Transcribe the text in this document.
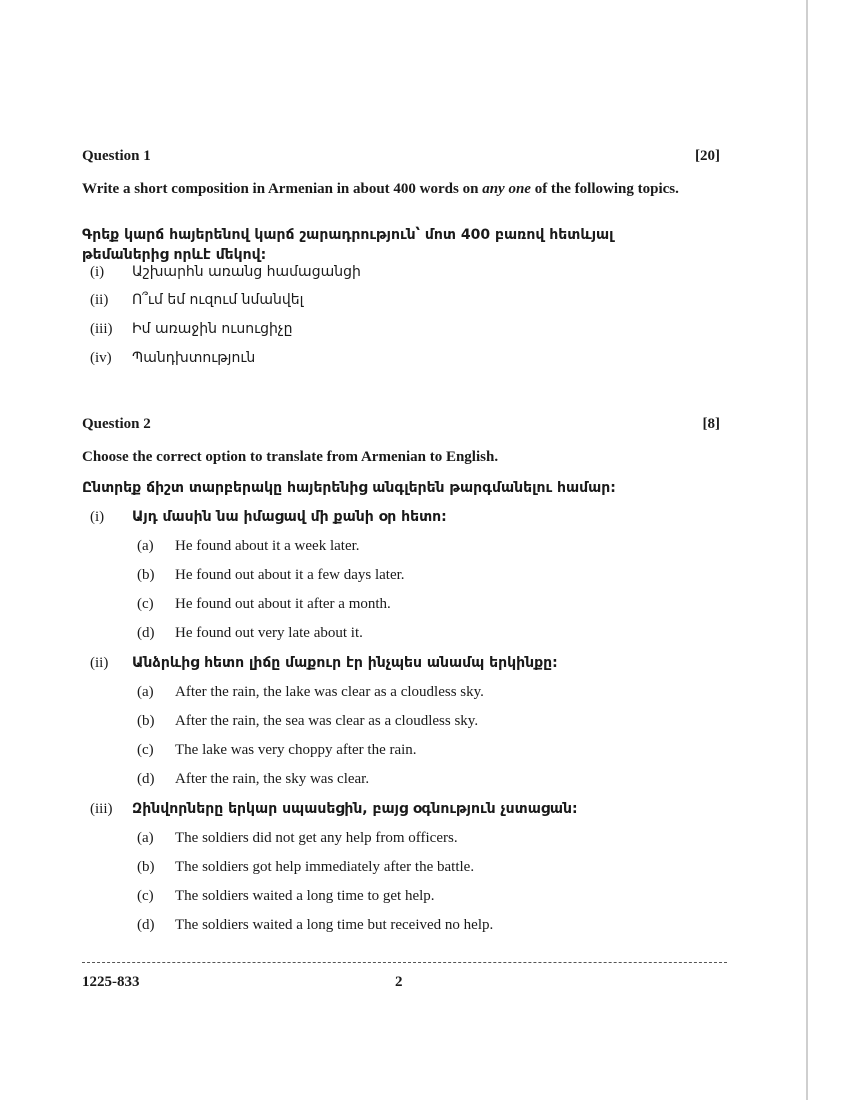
Question 1	[20]
Write a short composition in Armenian in about 400 words on any one of the following topics.
Գրեք կարճ հայերենով կարճ շարադրություն՝ մոտ 400 բառով հետևյալ թեմաներից որևէ մեկով:
(i)	Աշխարհն առանց համացանցի
(ii)	Ո՞ւմ եմ ուզում նմանվել
(iii)	Իմ առաջին ուսուցիչը
(iv)	Պանդխտություն
Question 2	[8]
Choose the correct option to translate from Armenian to English.
Ընտրեք ճիշտ տարբերակը հայերենից անգլերեն թարգմանելու համար:
(i)	Այդ մասին նա իմացավ մի քանի օր հետո:
(a)	He found about it a week later.
(b)	He found out about it a few days later.
(c)	He found out about it after a month.
(d)	He found out very late about it.
(ii)	Անձրևից հետո լիճը մաքուր էր ինչպես անամպ երկինքը:
(a)	After the rain, the lake was clear as a cloudless sky.
(b)	After the rain, the sea was clear as a cloudless sky.
(c)	The lake was very choppy after the rain.
(d)	After the rain, the sky was clear.
(iii)	Զինվորները երկար սպասեցին, բայց օգնություն չստացան:
(a)	The soldiers did not get any help from officers.
(b)	The soldiers got help immediately after the battle.
(c)	The soldiers waited a long time to get help.
(d)	The soldiers waited a long time but received no help.
1225-833	2
